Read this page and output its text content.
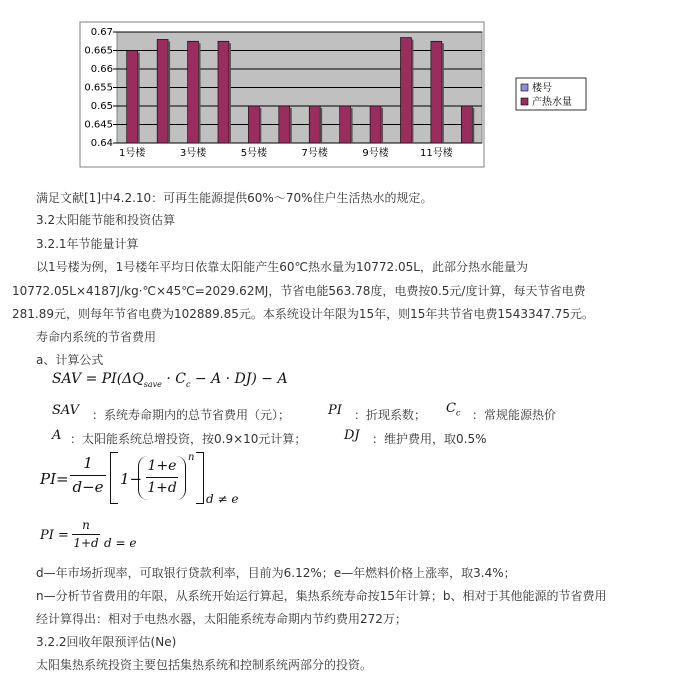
0.67
0.665
0.66
0.655
0.65
0.645
0.64
1号楼	3号楼	5号楼	7号楼	9号楼	11号楼
楼号
产热水量
满足文献[1]中4.2.10：可再生能源提供60%～70%住户生活热水的规定。
3.2太阳能节能和投资估算
3.2.1年节能量计算
以1号楼为例，1号楼年平均日依靠太阳能产生60℃热水量为10772.05L，此部分热水能量为
10772.05L×4187J/kg·℃×45℃=2029.62MJ，节省电能563.78度，电费按0.5元/度计算，每天节省电费
281.89元，则每年节省电费为102889.85元。本系统设计年限为15年，则15年共节省电费1543347.75元。
寿命内系统的节省费用
a、计算公式
SAV = $PI(\Delta Q_{save} \cdot C_c - A \cdot DJ) - A$
SAV ：系统寿命期内的总节省费用（元）；	PI ：折现系数； $C_c$ ：常规能源热价
A ：太阳能系统总增投资，按0.9×10元计算；	DJ ：维护费用，取0.5%
PI=
1
d−e 1−
1+e
1+d
n
d ≠ e
PI =
n
1+d d = e
d—年市场折现率，可取银行贷款利率，目前为6.12%；e—年燃料价格上涨率，取3.4%；
n—分析节省费用的年限，从系统开始运行算起，集热系统寿命按15年计算；b、相对于其他能源的节省费用
经计算得出：相对于电热水器，太阳能系统寿命期内节约费用272万；
3.2.2回收年限预评估(Ne)
太阳集热系统投资主要包括集热系统和控制系统两部分的投资。
